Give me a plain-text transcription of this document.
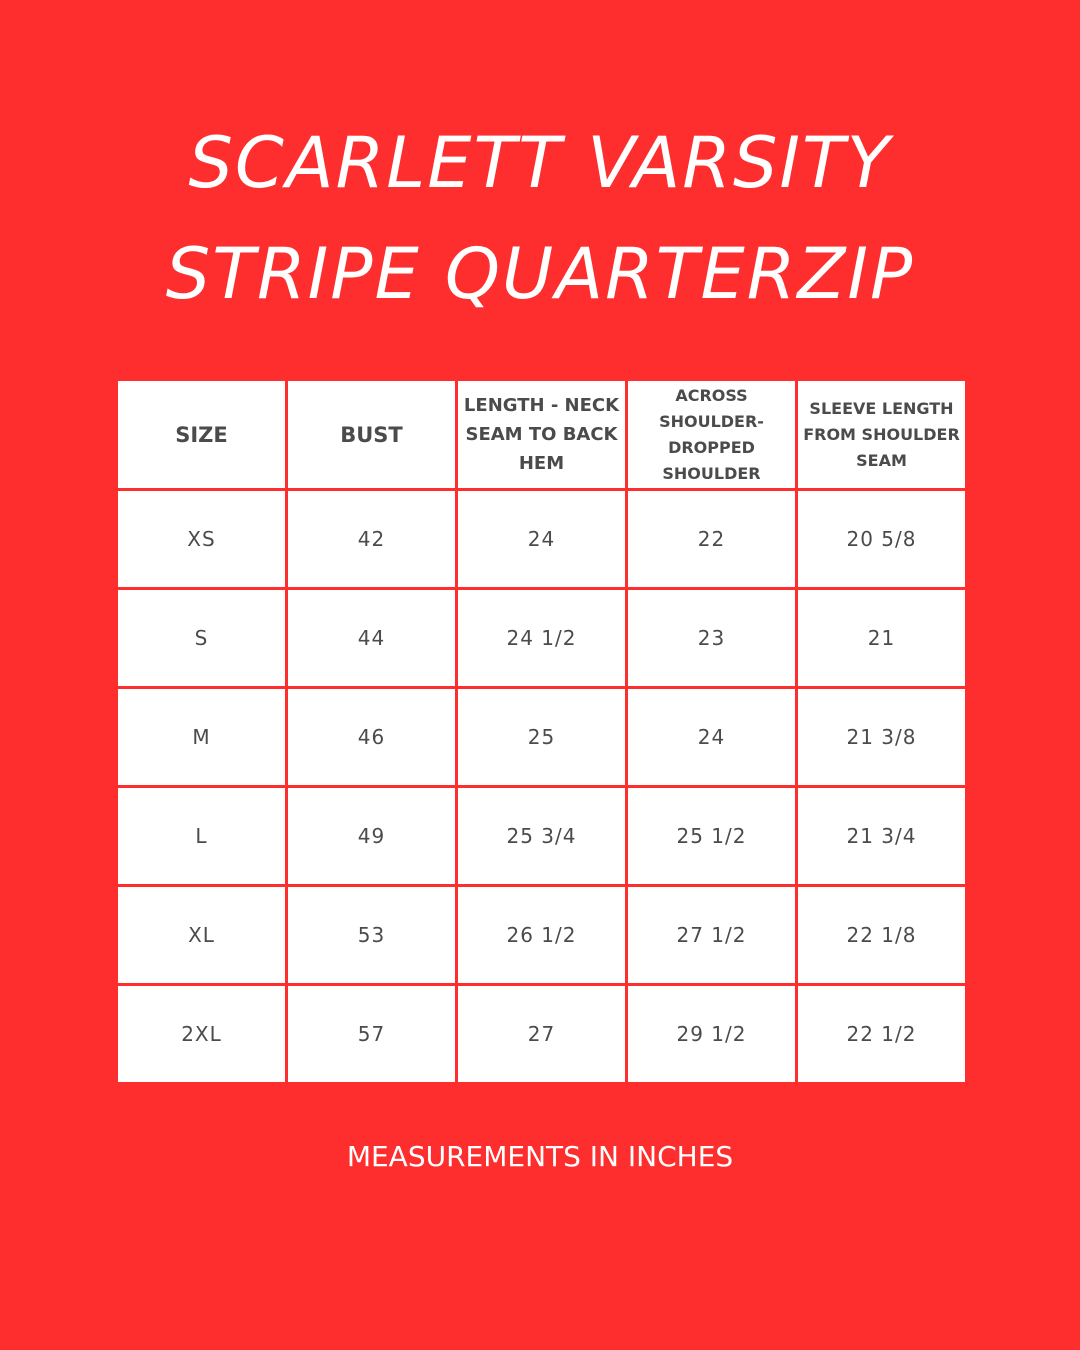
SCARLETT VARSITY
STRIPE QUARTERZIP
SIZE	BUST	LENGTH - NECK SEAM TO BACK HEM	ACROSS SHOULDER-DROPPED SHOULDER	SLEEVE LENGTH FROM SHOULDER SEAM
XS	42	24	22	20 5/8
S	44	24 1/2	23	21
M	46	25	24	21 3/8
L	49	25 3/4	25 1/2	21 3/4
XL	53	26 1/2	27 1/2	22 1/8
2XL	57	27	29 1/2	22 1/2
MEASUREMENTS IN INCHES
